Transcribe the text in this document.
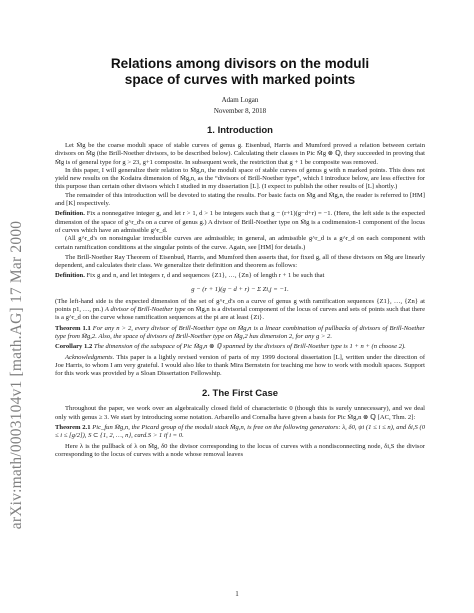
arXiv:math/0003104v1 [math.AG] 17 Mar 2000
Relations among divisors on the moduli
space of curves with marked points
Adam Logan
November 8, 2018
1. Introduction

Let M̄g be the coarse moduli space of stable curves of genus g. Eisenbud, Harris and Mumford proved a relation between certain divisors on M̄g (the Brill-Noether divisors, to be described below). Calculating their classes in Pic M̄g ⊗ ℚ, they succeeded in proving that M̄g is of general type for g > 23, g+1 composite. In subsequent work, the restriction that g + 1 be composite was removed.

In this paper, I will generalize their relation to M̄g,n, the moduli space of stable curves of genus g with n marked points. This does not yield new results on the Kodaira dimension of M̄g,n, as the “divisors of Brill-Noether type”, which I introduce below, are less effective for this purpose than certain other divisors which I studied in my dissertation [L]. (I expect to publish the other results of [L] shortly.)

The remainder of this introduction will be devoted to stating the results. For basic facts on M̄g and M̄g,n, the reader is referred to [HM] and [K] respectively.

Definition. Fix a nonnegative integer g, and let r > 1, d > 1 be integers such that g − (r+1)(g−d+r) = −1. (Here, the left side is the expected dimension of the space of g^r_d's on a curve of genus g.) A divisor of Brill-Noether type on M̄g is a codimension-1 component of the locus of curves which have an admissible g^r_d.

(All g^r_d's on nonsingular irreducible curves are admissible; in general, an admissible g^r_d is a g^r_d on each component with certain ramification conditions at the singular points of the curve. Again, see [HM] for details.)

The Brill-Noether Ray Theorem of Eisenbud, Harris, and Mumford then asserts that, for fixed g, all of these divisors on M̄g are linearly dependent, and calculates their class. We generalize their definition and theorem as follows:

Definition. Fix g and n, and let integers r, d and sequences {Z1}, …, {Zn} of length r + 1 be such that

g − (r + 1)(g − d + r) − Σ Zi,j = −1.

(The left-hand side is the expected dimension of the set of g^r_d's on a curve of genus g with ramification sequences {Z1}, …, {Zn} at points p1, …, pn.) A divisor of Brill-Noether type on M̄g,n is a divisorial component of the locus of curves and sets of points such that there is a g^r_d on the curve whose ramification sequences at the pi are at least {Zi}.

Theorem 1.1 For any n > 2, every divisor of Brill-Noether type on M̄g,n is a linear combination of pullbacks of divisors of Brill-Noether type from M̄g,2. Also, the space of divisors of Brill-Noether type on M̄g,2 has dimension 2, for any g > 2.

Corollary 1.2 The dimension of the subspace of Pic M̄g,n ⊗ ℚ spanned by the divisors of Brill-Noether type is 1 + n + (n choose 2).

Acknowledgments. This paper is a lightly revised version of parts of my 1999 doctoral dissertation [L], written under the direction of Joe Harris, to whom I am very grateful. I would also like to thank Mira Bernstein for teaching me how to work with moduli spaces. Support for this work was provided by a Sloan Dissertation Fellowship.

2. The First Case

Throughout the paper, we work over an algebraically closed field of characteristic 0 (though this is surely unnecessary), and we deal only with genus ≥ 3. We start by introducing some notation. Arbarello and Cornalba have given a basis for Pic M̄g,n ⊗ ℚ [AC, Thm. 2]:

Theorem 2.1 Pic_fun M̄g,n, the Picard group of the moduli stack M̄g,n, is free on the following generators: λ, δ0, ψi (1 ≤ i ≤ n), and δi,S (0 ≤ i ≤ [g/2]), S ⊂ {1, 2, …, n}, card.S > 1 if i = 0.

Here λ is the pullback of λ on M̄g, δ0 the divisor corresponding to the locus of curves with a nondisconnecting node, δi,S the divisor corresponding to the locus of curves with a node whose removal leaves

1
